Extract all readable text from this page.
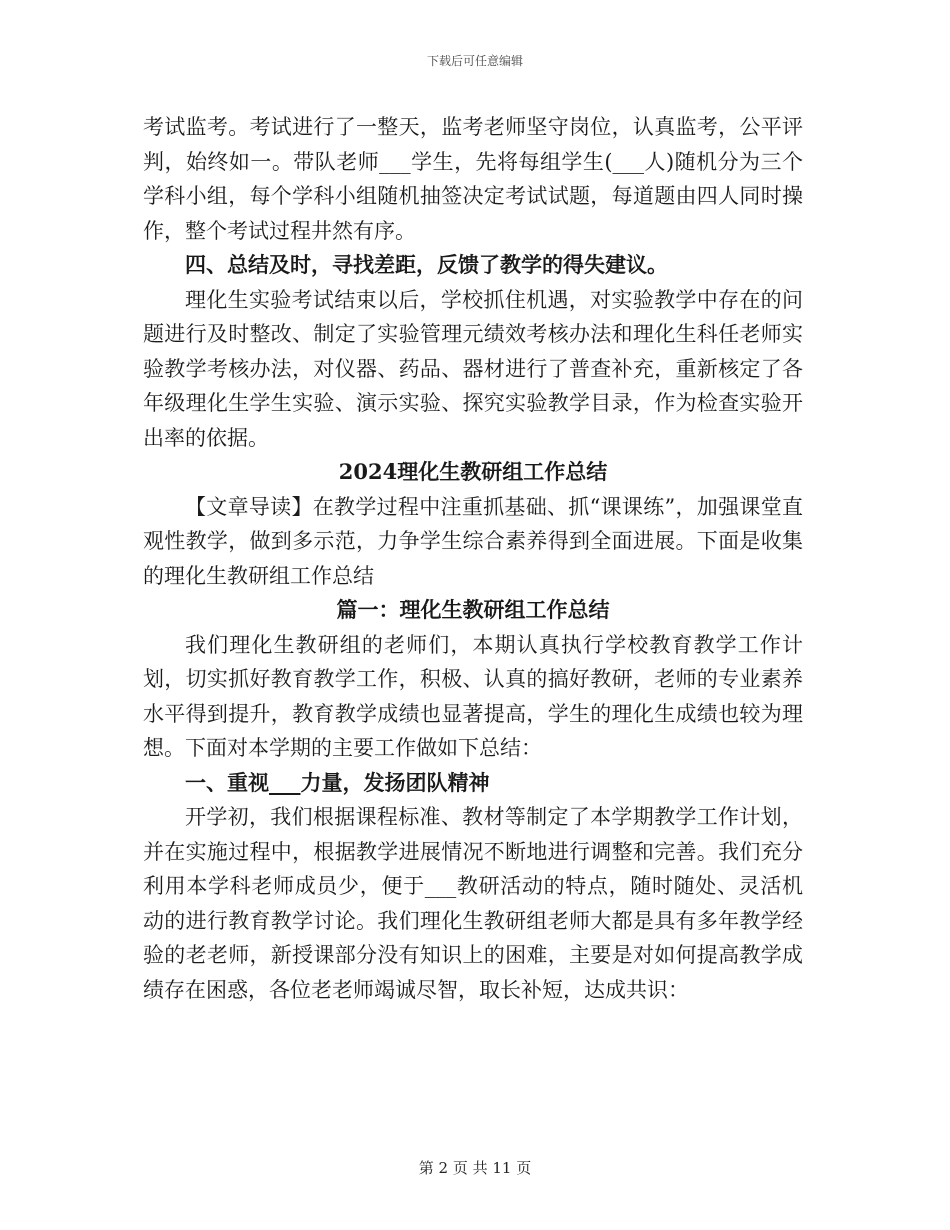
下载后可任意编辑

考试监考。考试进行了一整天，监考老师坚守岗位，认真监考，公平评判，始终如一。带队老师___学生，先将每组学生(___人)随机分为三个学科小组，每个学科小组随机抽签决定考试试题，每道题由四人同时操作，整个考试过程井然有序。

四、总结及时，寻找差距，反馈了教学的得失建议。

理化生实验考试结束以后，学校抓住机遇，对实验教学中存在的问题进行及时整改、制定了实验管理元绩效考核办法和理化生科任老师实验教学考核办法，对仪器、药品、器材进行了普查补充，重新核定了各年级理化生学生实验、演示实验、探究实验教学目录，作为检查实验开出率的依据。

2024理化生教研组工作总结

【文章导读】在教学过程中注重抓基础、抓“课课练”，加强课堂直观性教学，做到多示范，力争学生综合素养得到全面进展。下面是收集的理化生教研组工作总结

篇一：理化生教研组工作总结

我们理化生教研组的老师们，本期认真执行学校教育教学工作计划，切实抓好教育教学工作，积极、认真的搞好教研，老师的专业素养水平得到提升，教育教学成绩也显著提高，学生的理化生成绩也较为理想。下面对本学期的主要工作做如下总结：

一、重视___力量，发扬团队精神

开学初，我们根据课程标准、教材等制定了本学期教学工作计划，并在实施过程中，根据教学进展情况不断地进行调整和完善。我们充分利用本学科老师成员少，便于___教研活动的特点，随时随处、灵活机动的进行教育教学讨论。我们理化生教研组老师大都是具有多年教学经验的老老师，新授课部分没有知识上的困难，主要是对如何提高教学成绩存在困惑，各位老老师竭诚尽智，取长补短，达成共识：

第 2 页 共 11 页
